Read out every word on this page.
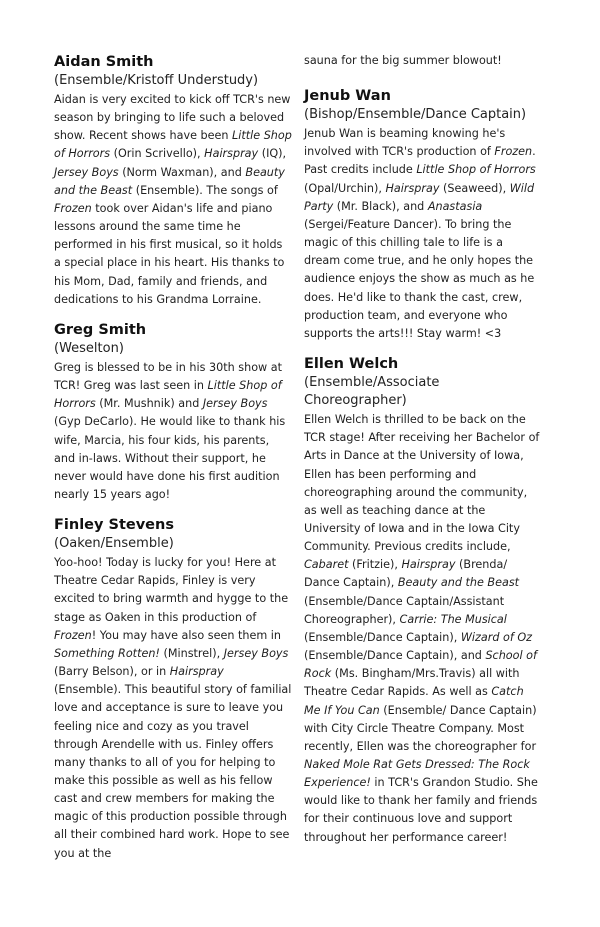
Aidan Smith

(Ensemble/Kristoff Understudy)

Aidan is very excited to kick off TCR's new season by bringing to life such a beloved show. Recent shows have been Little Shop of Horrors (Orin Scrivello), Hairspray (IQ), Jersey Boys (Norm Waxman), and Beauty and the Beast (Ensemble). The songs of Frozen took over Aidan's life and piano lessons around the same time he performed in his first musical, so it holds a special place in his heart. His thanks to his Mom, Dad, family and friends, and dedications to his Grandma Lorraine.

Greg Smith

(Weselton)

Greg is blessed to be in his 30th show at TCR! Greg was last seen in Little Shop of Horrors (Mr. Mushnik) and Jersey Boys (Gyp DeCarlo). He would like to thank his wife, Marcia, his four kids, his parents, and in-laws. Without their support, he never would have done his first audition nearly 15 years ago!

Finley Stevens

(Oaken/Ensemble)

Yoo-hoo! Today is lucky for you! Here at Theatre Cedar Rapids, Finley is very excited to bring warmth and hygge to the stage as Oaken in this production of Frozen! You may have also seen them in Something Rotten! (Minstrel), Jersey Boys (Barry Belson), or in Hairspray (Ensemble). This beautiful story of familial love and acceptance is sure to leave you feeling nice and cozy as you travel through Arendelle with us. Finley offers many thanks to all of you for helping to make this possible as well as his fellow cast and crew members for making the magic of this production possible through all their combined hard work. Hope to see you at the

sauna for the big summer blowout!

Jenub Wan

(Bishop/Ensemble/Dance Captain)

Jenub Wan is beaming knowing he's involved with TCR's production of Frozen. Past credits include Little Shop of Horrors (Opal/Urchin), Hairspray (Seaweed), Wild Party (Mr. Black), and Anastasia (Sergei/Feature Dancer). To bring the magic of this chilling tale to life is a dream come true, and he only hopes the audience enjoys the show as much as he does. He'd like to thank the cast, crew, production team, and everyone who supports the arts!!! Stay warm! <3

Ellen Welch

(Ensemble/Associate Choreographer)

Ellen Welch is thrilled to be back on the TCR stage! After receiving her Bachelor of Arts in Dance at the University of Iowa, Ellen has been performing and choreographing around the community, as well as teaching dance at the University of Iowa and in the Iowa City Community. Previous credits include, Cabaret (Fritzie), Hairspray (Brenda/ Dance Captain), Beauty and the Beast (Ensemble/Dance Captain/Assistant Choreographer), Carrie: The Musical (Ensemble/Dance Captain), Wizard of Oz (Ensemble/Dance Captain), and School of Rock (Ms. Bingham/Mrs.Travis) all with Theatre Cedar Rapids. As well as Catch Me If You Can (Ensemble/ Dance Captain) with City Circle Theatre Company. Most recently, Ellen was the choreographer for Naked Mole Rat Gets Dressed: The Rock Experience! in TCR's Grandon Studio. She would like to thank her family and friends for their continuous love and support throughout her performance career!
